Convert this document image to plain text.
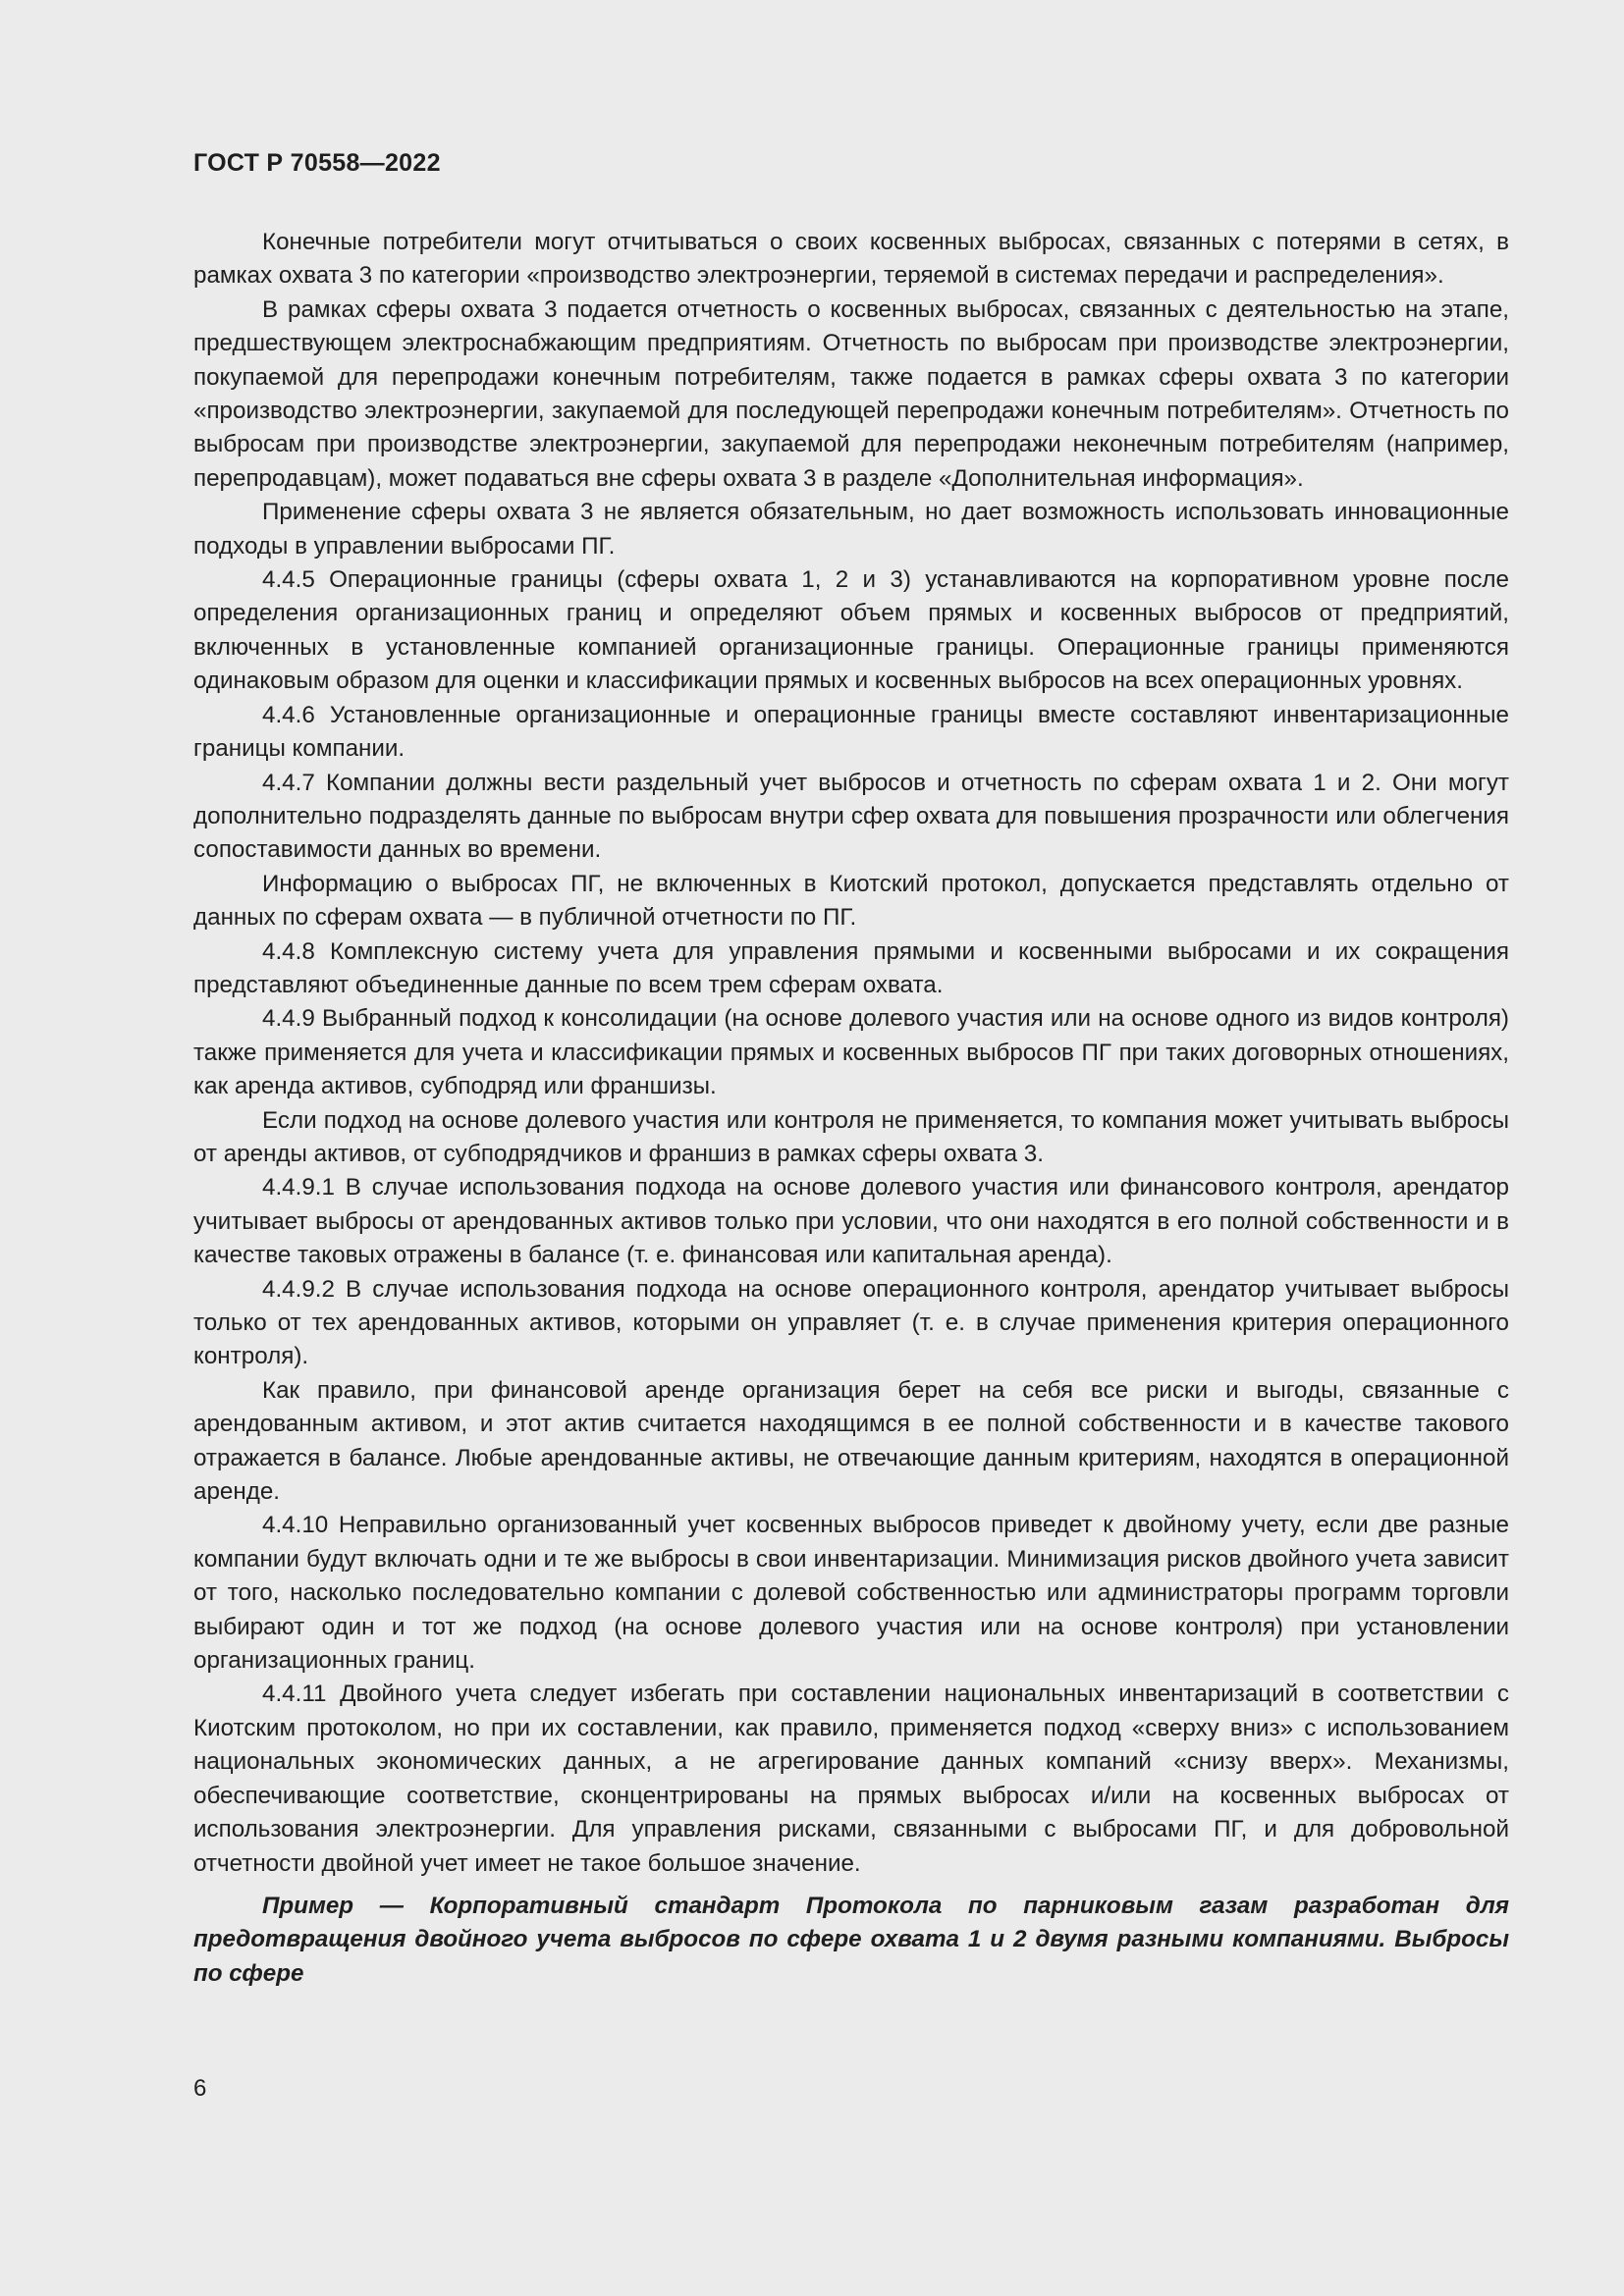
ГОСТ Р 70558—2022

Конечные потребители могут отчитываться о своих косвенных выбросах, связанных с потерями в сетях, в рамках охвата 3 по категории «производство электроэнергии, теряемой в системах передачи и распределения».

В рамках сферы охвата 3 подается отчетность о косвенных выбросах, связанных с деятельностью на этапе, предшествующем электроснабжающим предприятиям. Отчетность по выбросам при производстве электроэнергии, покупаемой для перепродажи конечным потребителям, также подается в рамках сферы охвата 3 по категории «производство электроэнергии, закупаемой для последующей перепродажи конечным потребителям». Отчетность по выбросам при производстве электроэнергии, закупаемой для перепродажи неконечным потребителям (например, перепродавцам), может подаваться вне сферы охвата 3 в разделе «Дополнительная информация».

Применение сферы охвата 3 не является обязательным, но дает возможность использовать инновационные подходы в управлении выбросами ПГ.

4.4.5 Операционные границы (сферы охвата 1, 2 и 3) устанавливаются на корпоративном уровне после определения организационных границ и определяют объем прямых и косвенных выбросов от предприятий, включенных в установленные компанией организационные границы. Операционные границы применяются одинаковым образом для оценки и классификации прямых и косвенных выбросов на всех операционных уровнях.

4.4.6 Установленные организационные и операционные границы вместе составляют инвентаризационные границы компании.

4.4.7 Компании должны вести раздельный учет выбросов и отчетность по сферам охвата 1 и 2. Они могут дополнительно подразделять данные по выбросам внутри сфер охвата для повышения прозрачности или облегчения сопоставимости данных во времени.

Информацию о выбросах ПГ, не включенных в Киотский протокол, допускается представлять отдельно от данных по сферам охвата — в публичной отчетности по ПГ.

4.4.8 Комплексную систему учета для управления прямыми и косвенными выбросами и их сокращения представляют объединенные данные по всем трем сферам охвата.

4.4.9 Выбранный подход к консолидации (на основе долевого участия или на основе одного из видов контроля) также применяется для учета и классификации прямых и косвенных выбросов ПГ при таких договорных отношениях, как аренда активов, субподряд или франшизы.

Если подход на основе долевого участия или контроля не применяется, то компания может учитывать выбросы от аренды активов, от субподрядчиков и франшиз в рамках сферы охвата 3.

4.4.9.1 В случае использования подхода на основе долевого участия или финансового контроля, арендатор учитывает выбросы от арендованных активов только при условии, что они находятся в его полной собственности и в качестве таковых отражены в балансе (т. е. финансовая или капитальная аренда).

4.4.9.2 В случае использования подхода на основе операционного контроля, арендатор учитывает выбросы только от тех арендованных активов, которыми он управляет (т. е. в случае применения критерия операционного контроля).

Как правило, при финансовой аренде организация берет на себя все риски и выгоды, связанные с арендованным активом, и этот актив считается находящимся в ее полной собственности и в качестве такового отражается в балансе. Любые арендованные активы, не отвечающие данным критериям, находятся в операционной аренде.

4.4.10 Неправильно организованный учет косвенных выбросов приведет к двойному учету, если две разные компании будут включать одни и те же выбросы в свои инвентаризации. Минимизация рисков двойного учета зависит от того, насколько последовательно компании с долевой собственностью или администраторы программ торговли выбирают один и тот же подход (на основе долевого участия или на основе контроля) при установлении организационных границ.

4.4.11 Двойного учета следует избегать при составлении национальных инвентаризаций в соответствии с Киотским протоколом, но при их составлении, как правило, применяется подход «сверху вниз» с использованием национальных экономических данных, а не агрегирование данных компаний «снизу вверх». Механизмы, обеспечивающие соответствие, сконцентрированы на прямых выбросах и/или на косвенных выбросах от использования электроэнергии. Для управления рисками, связанными с выбросами ПГ, и для добровольной отчетности двойной учет имеет не такое большое значение.

Пример — Корпоративный стандарт Протокола по парниковым газам разработан для предотвращения двойного учета выбросов по сфере охвата 1 и 2 двумя разными компаниями. Выбросы по сфере

6
